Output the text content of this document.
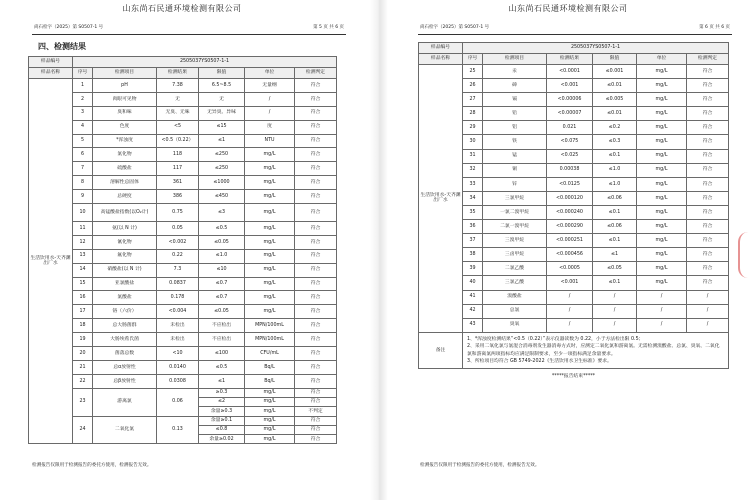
山东尚石民通环境检测有限公司
尚石检字（2025）第 S0507-1 号	第 5 页 共 6 页
四、检测结果
样品编号	2505037YS0507-1-1					
样品名称	序号	检测项目	检测结果	限值	单位	检测判定
生活饮用水-天齐渊出厂水	1	pH	7.38	6.5~8.5	无量纲	符合
	2	肉眼可见物	无	无	/	符合
	3	臭和味	无臭、无味	无异臭、异味	/	符合
	4	色度	<5	≤15	度	符合
	5	*浑浊度	<0.5（0.22）	≤1	NTU	符合
	6	氯化物	118	≤250	mg/L	符合
	7	硫酸盐	117	≤250	mg/L	符合
	8	溶解性总固体	361	≤1000	mg/L	符合
	9	总硬度	386	≤450	mg/L	符合
	10	高锰酸盐指数(以O₂计)	0.75	≤3	mg/L	符合
	11	氨(以 N 计)	0.05	≤0.5	mg/L	符合
	12	氰化物	<0.002	≤0.05	mg/L	符合
	13	氟化物	0.22	≤1.0	mg/L	符合
	14	硝酸盐(以 N 计)	7.3	≤10	mg/L	符合
	15	亚氯酸盐	0.0837	≤0.7	mg/L	符合
	16	氯酸盐	0.178	≤0.7	mg/L	符合
	17	铬（六价）	<0.004	≤0.05	mg/L	符合
	18	总大肠菌群	未检出	不应检出	MPN/100mL	符合
	19	大肠埃希氏菌	未检出	不应检出	MPN/100mL	符合
	20	菌落总数	<10	≤100	CFU/mL	符合
	21	总α放射性	0.0140	≤0.5	Bq/L	符合
	22	总β放射性	0.0308	≤1	Bq/L	符合
	23	游离氯	0.06	≥0.3	mg/L	符合
				≤2	mg/L	符合
				余量≥0.3	mg/L	不判定
	24	二氧化氯	0.13	余量≥0.1	mg/L	符合
				≤0.8	mg/L	符合
				余量≥0.02	mg/L	符合
检测报告仅限用于检测报告的委托方使用，检测报告无效。
山东尚石民通环境检测有限公司
尚石检字（2025）第 S0507-1 号	第 6 页 共 6 页
样品编号	2505037YS0507-1-1					
样品名称	序号	检测项目	检测结果	限值	单位	检测判定
生活饮用水-天齐渊出厂水	25	汞	<0.0001	≤0.001	mg/L	符合
	26	砷	<0.001	≤0.01	mg/L	符合
	27	镉	<0.00006	≤0.005	mg/L	符合
	28	铅	<0.00007	≤0.01	mg/L	符合
	29	铝	0.021	≤0.2	mg/L	符合
	30	铁	<0.075	≤0.3	mg/L	符合
	31	锰	<0.025	≤0.1	mg/L	符合
	32	铜	0.00038	≤1.0	mg/L	符合
	33	锌	<0.0125	≤1.0	mg/L	符合
	34	三氯甲烷	<0.000120	≤0.06	mg/L	符合
	35	一氯二溴甲烷	<0.000240	≤0.1	mg/L	符合
	36	二氯一溴甲烷	<0.000290	≤0.06	mg/L	符合
	37	三溴甲烷	<0.000251	≤0.1	mg/L	符合
	38	三卤甲烷	<0.000456	≤1	mg/L	符合
	39	二氯乙酸	<0.0005	≤0.05	mg/L	符合
	40	三氯乙酸	<0.001	≤0.1	mg/L	符合
	41	溴酸盐	/	/	/	/
	42	总氯	/	/	/	/
	43	臭氧	/	/	/	/
备注	1、*浑浊度检测结果“<0.5（0.22）”表示仪器读数为 0.22，小于方法检出限 0.5；
2、采用二氧化氯与氯混合消毒剂发生器消毒方式时，应测定二氧化氯和游离氯。无需检测溴酸盐、总氯、臭氧、二氧化氯和游离氯两项指标均应满足限制要求，至少一项指标满足余量要求。
3、所检项目均符合 GB 5749-2022《生活饮用水卫生标准》要求。					

*****报告结束*****						
检测报告仅限用于检测报告的委托方使用，检测报告无效。
